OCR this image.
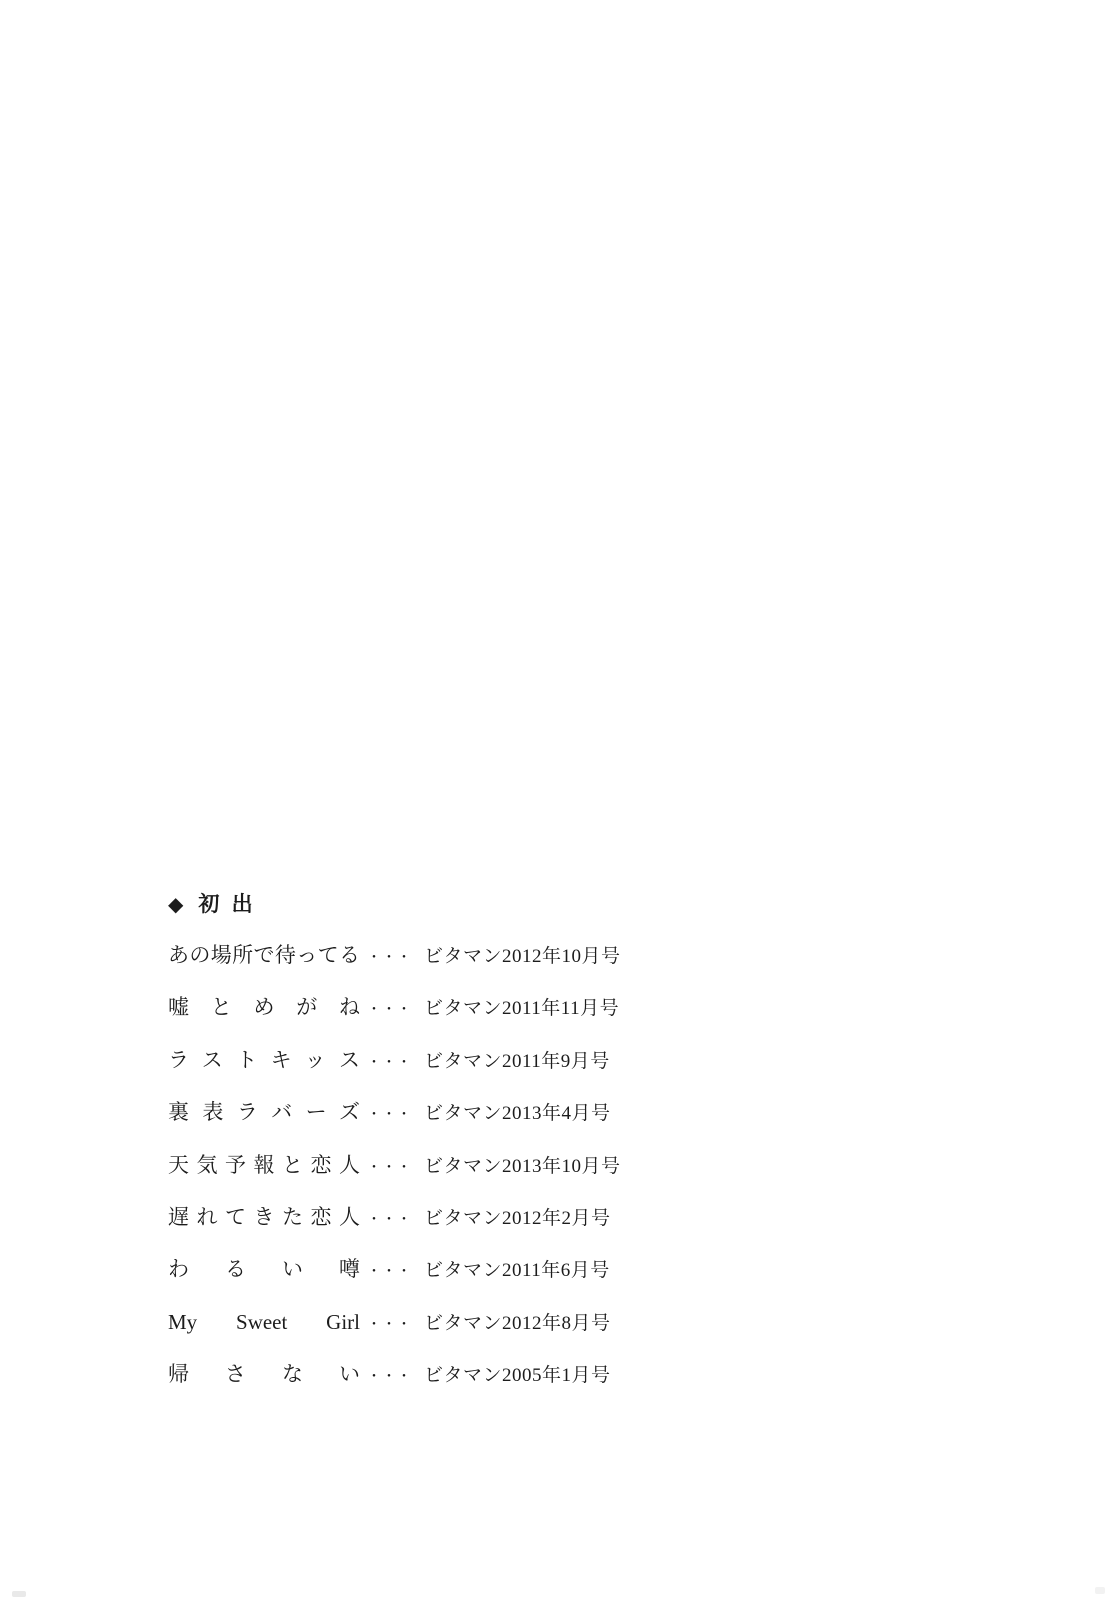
◆ 初 出
あの場所で待ってる ・・・ ビタマン2012年10月号
嘘とめがね ・・・ ビタマン2011年11月号
ラストキッス ・・・ ビタマン2011年9月号
裏表ラバーズ ・・・ ビタマン2013年4月号
天気予報と恋人 ・・・ ビタマン2013年10月号
遅れてきた恋人 ・・・ ビタマン2012年2月号
わるい噂 ・・・ ビタマン2011年6月号
My Sweet Girl ・・・ ビタマン2012年8月号
帰さない ・・・ ビタマン2005年1月号
